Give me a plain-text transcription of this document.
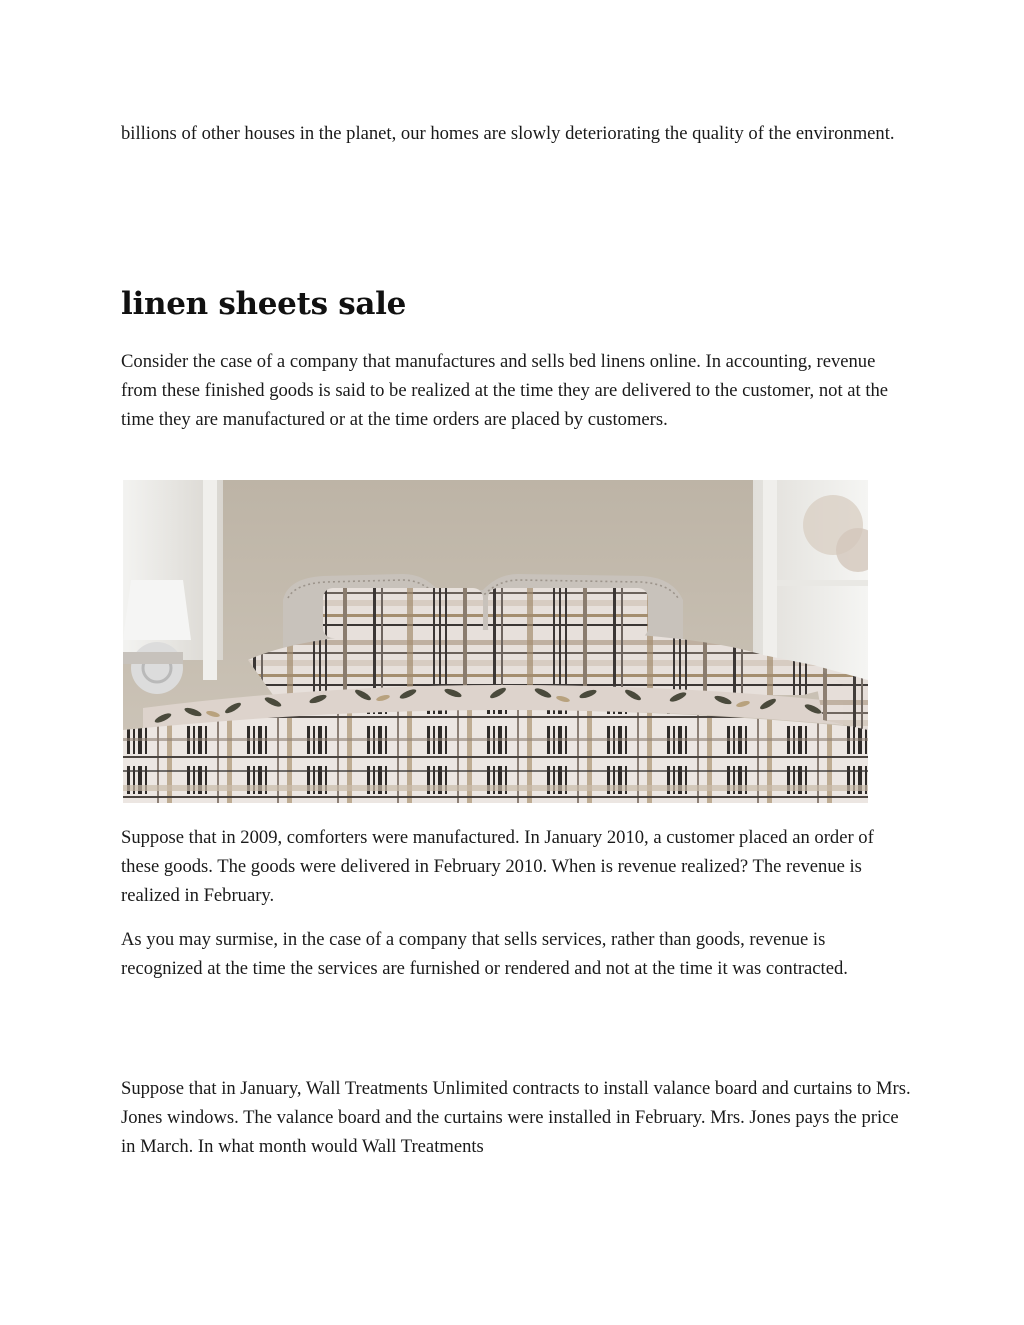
billions of other houses in the planet, our homes are slowly deteriorating the quality of the environment.

linen sheets sale

Consider the case of a company that manufactures and sells bed linens online. In accounting, revenue from these finished goods is said to be realized at the time they are delivered to the customer, not at the time they are manufactured or at the time orders are placed by customers.

Suppose that in 2009, comforters were manufactured. In January 2010, a customer placed an order of these goods. The goods were delivered in February 2010. When is revenue realized? The revenue is realized in February.

As you may surmise, in the case of a company that sells services, rather than goods, revenue is recognized at the time the services are furnished or rendered and not at the time it was contracted.

Suppose that in January, Wall Treatments Unlimited contracts to install valance board and curtains to Mrs. Jones windows. The valance board and the curtains were installed in February. Mrs. Jones pays the price in March. In what month would Wall Treatments
